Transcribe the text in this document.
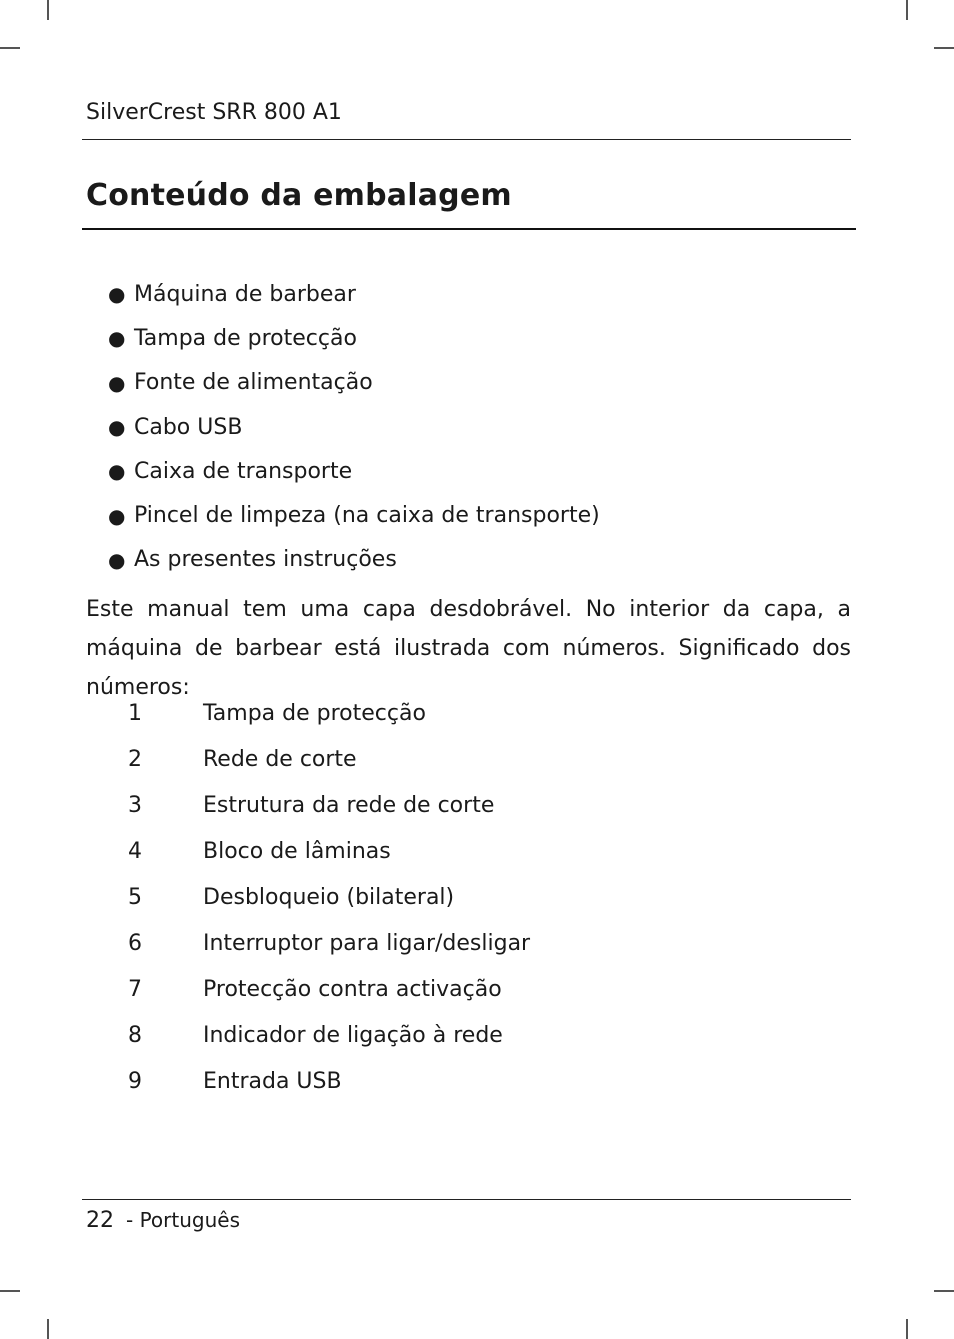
SilverCrest SRR 800 A1
Conteúdo da embalagem
● Máquina de barbear
● Tampa de protecção
● Fonte de alimentação
● Cabo USB
● Caixa de transporte
● Pincel de limpeza (na caixa de transporte)
● As presentes instruções
Este manual tem uma capa desdobrável. No interior da capa, a máquina de barbear está ilustrada com números. Significado dos números:
1	Tampa de protecção
2	Rede de corte
3	Estrutura da rede de corte
4	Bloco de lâminas
5	Desbloqueio (bilateral)
6	Interruptor para ligar/desligar
7	Protecção contra activação
8	Indicador de ligação à rede
9	Entrada USB
22 - Português
